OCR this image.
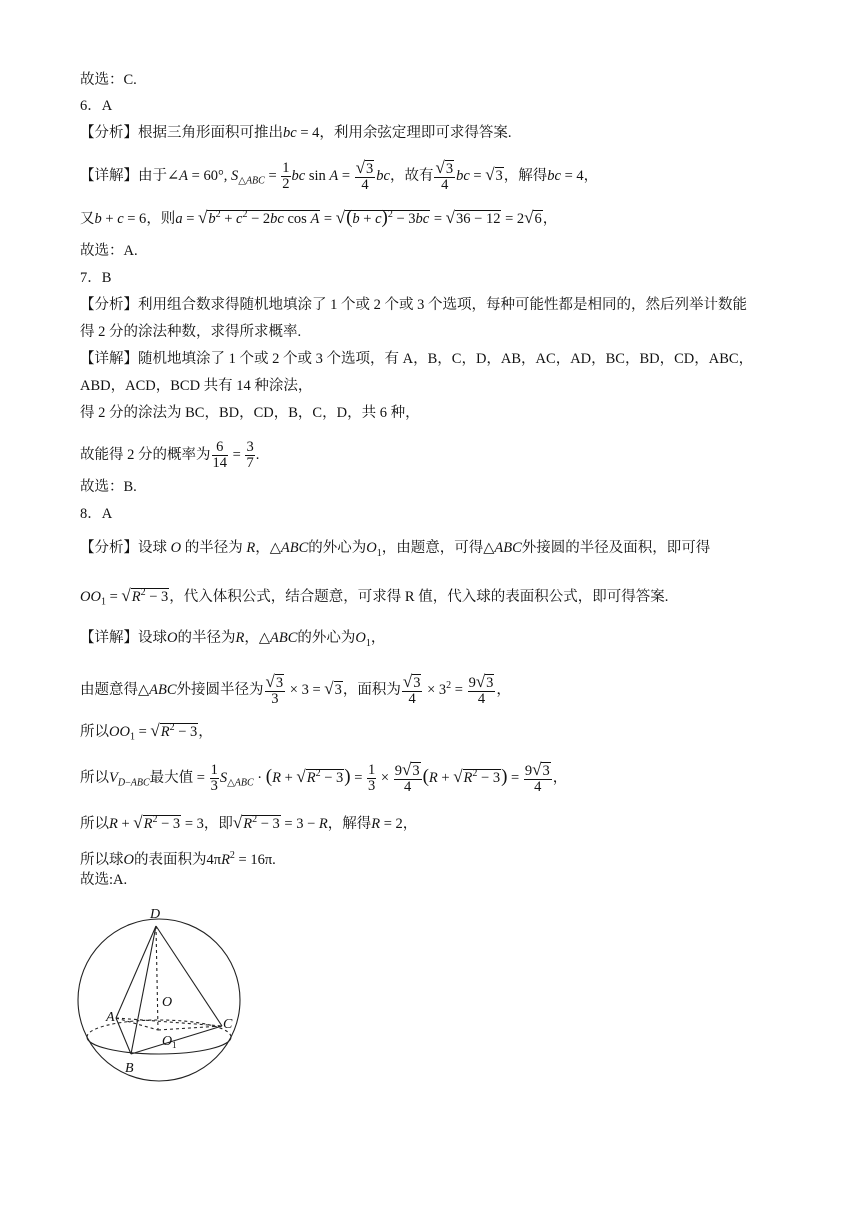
故选：C.
6．A
【分析】根据三角形面积可推出bc = 4，利用余弦定理即可求得答案.
【详解】由于∠A = 60°, $S_{\triangle ABC} = \frac{1}{2}$ bc $\sin A = \frac{√3}{4}$ bc，故有 $\frac{√3}{4}$ bc = √3，解得bc = 4，
又b + c = 6，则$a = √b^2 + c^2 - 2bc$ $\cos A = √(b + c)^2 - 3bc = √36 - 12 = 2√6$，
故选：A.
7．B
【分析】利用组合数求得随机地填涂了 1 个或 2 个或 3 个选项，每种可能性都是相同的，然后列举计数能
得 2 分的涂法种数，求得所求概率.
【详解】随机地填涂了 1 个或 2 个或 3 个选项，有 A，B，C，D，AB，AC，AD，BC，BD，CD，ABC，
ABD，ACD，BCD 共有 14 种涂法，
得 2 分的涂法为 BC，BD，CD，B，C，D，共 6 种，
故能得 2 分的概率为 $\frac{6}{14} = \frac{3}{7}$ .
故选：B.
8．A
【分析】设球 O 的半径为 R，△ABC的外心为$O_1$，由题意，可得△ABC外接圆的半径及面积，即可得
$OO_1 = √R^2 - 3$，代入体积公式，结合题意，可求得 R 值，代入球的表面积公式，即可得答案.
【详解】设球O的半径为R，△ABC的外心为$O_1$，
由题意得△ABC外接圆半径为 $\frac{√3}{3} \times 3 = √3$，面积为 $\frac{√3}{4} \times 3^2 = \frac{9√3}{4}$ ，
所以$OO_1 = √R^2 - 3$，
所以$V_{D-ABC}$最大值 = $\frac{1}{3} S_{\triangle ABC} \cdot (R + √R^2 - 3) = \frac{1}{3} \times \frac{9√3}{4} (R + √R^2 - 3) = \frac{9√3}{4}$ ，
所以$R + √R^2 - 3 = 3$，即$√R^2 - 3 = 3 - R$，解得R = 2，
所以球O的表面积为$4\pi R^2 = 16\pi$.
故选:A.
D
O
A	C
O 1
B
